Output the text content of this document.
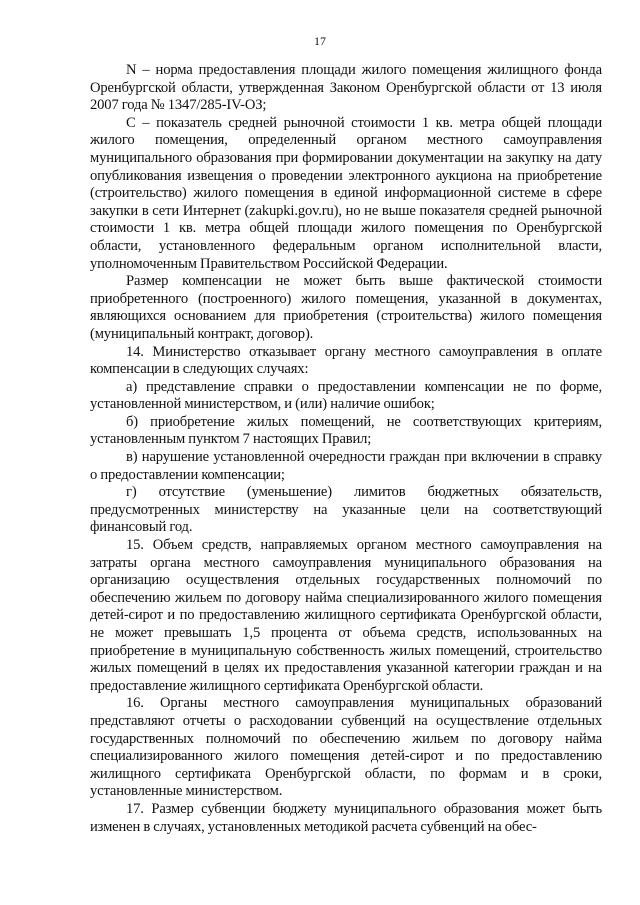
17

N – норма предоставления площади жилого помещения жилищного фонда Оренбургской области, утвержденная Законом Оренбургской области от 13 июля 2007 года № 1347/285-IV-ОЗ;

С – показатель средней рыночной стоимости 1 кв. метра общей площади жилого помещения, определенный органом местного самоуправления муниципального образования при формировании документации на закупку на дату опубликования извещения о проведении электронного аукциона на приобретение (строительство) жилого помещения в единой информационной системе в сфере закупки в сети Интернет (zakupki.gov.ru), но не выше показателя средней рыночной стоимости 1 кв. метра общей площади жилого помещения по Оренбургской области, установленного федеральным органом исполнительной власти, уполномоченным Правительством Российской Федерации.

Размер компенсации не может быть выше фактической стоимости приобретенного (построенного) жилого помещения, указанной в документах, являющихся основанием для приобретения (строительства) жилого помещения (муниципальный контракт, договор).

14. Министерство отказывает органу местного самоуправления в оплате компенсации в следующих случаях:

а) представление справки о предоставлении компенсации не по форме, установленной министерством, и (или) наличие ошибок;

б) приобретение жилых помещений, не соответствующих критериям, установленным пунктом 7 настоящих Правил;

в) нарушение установленной очередности граждан при включении в справку о предоставлении компенсации;

г) отсутствие (уменьшение) лимитов бюджетных обязательств, предусмотренных министерству на указанные цели на соответствующий финансовый год.

15. Объем средств, направляемых органом местного самоуправления на затраты органа местного самоуправления муниципального образования на организацию осуществления отдельных государственных полномочий по обеспечению жильем по договору найма специализированного жилого помещения детей-сирот и по предоставлению жилищного сертификата Оренбургской области, не может превышать 1,5 процента от объема средств, использованных на приобретение в муниципальную собственность жилых помещений, строительство жилых помещений в целях их предоставления указанной категории граждан и на предоставление жилищного сертификата Оренбургской области.

16. Органы местного самоуправления муниципальных образований представляют отчеты о расходовании субвенций на осуществление отдельных государственных полномочий по обеспечению жильем по договору найма специализированного жилого помещения детей-сирот и по предоставлению жилищного сертификата Оренбургской области, по формам и в сроки, установленные министерством.

17. Размер субвенции бюджету муниципального образования может быть изменен в случаях, установленных методикой расчета субвенций на обес-
